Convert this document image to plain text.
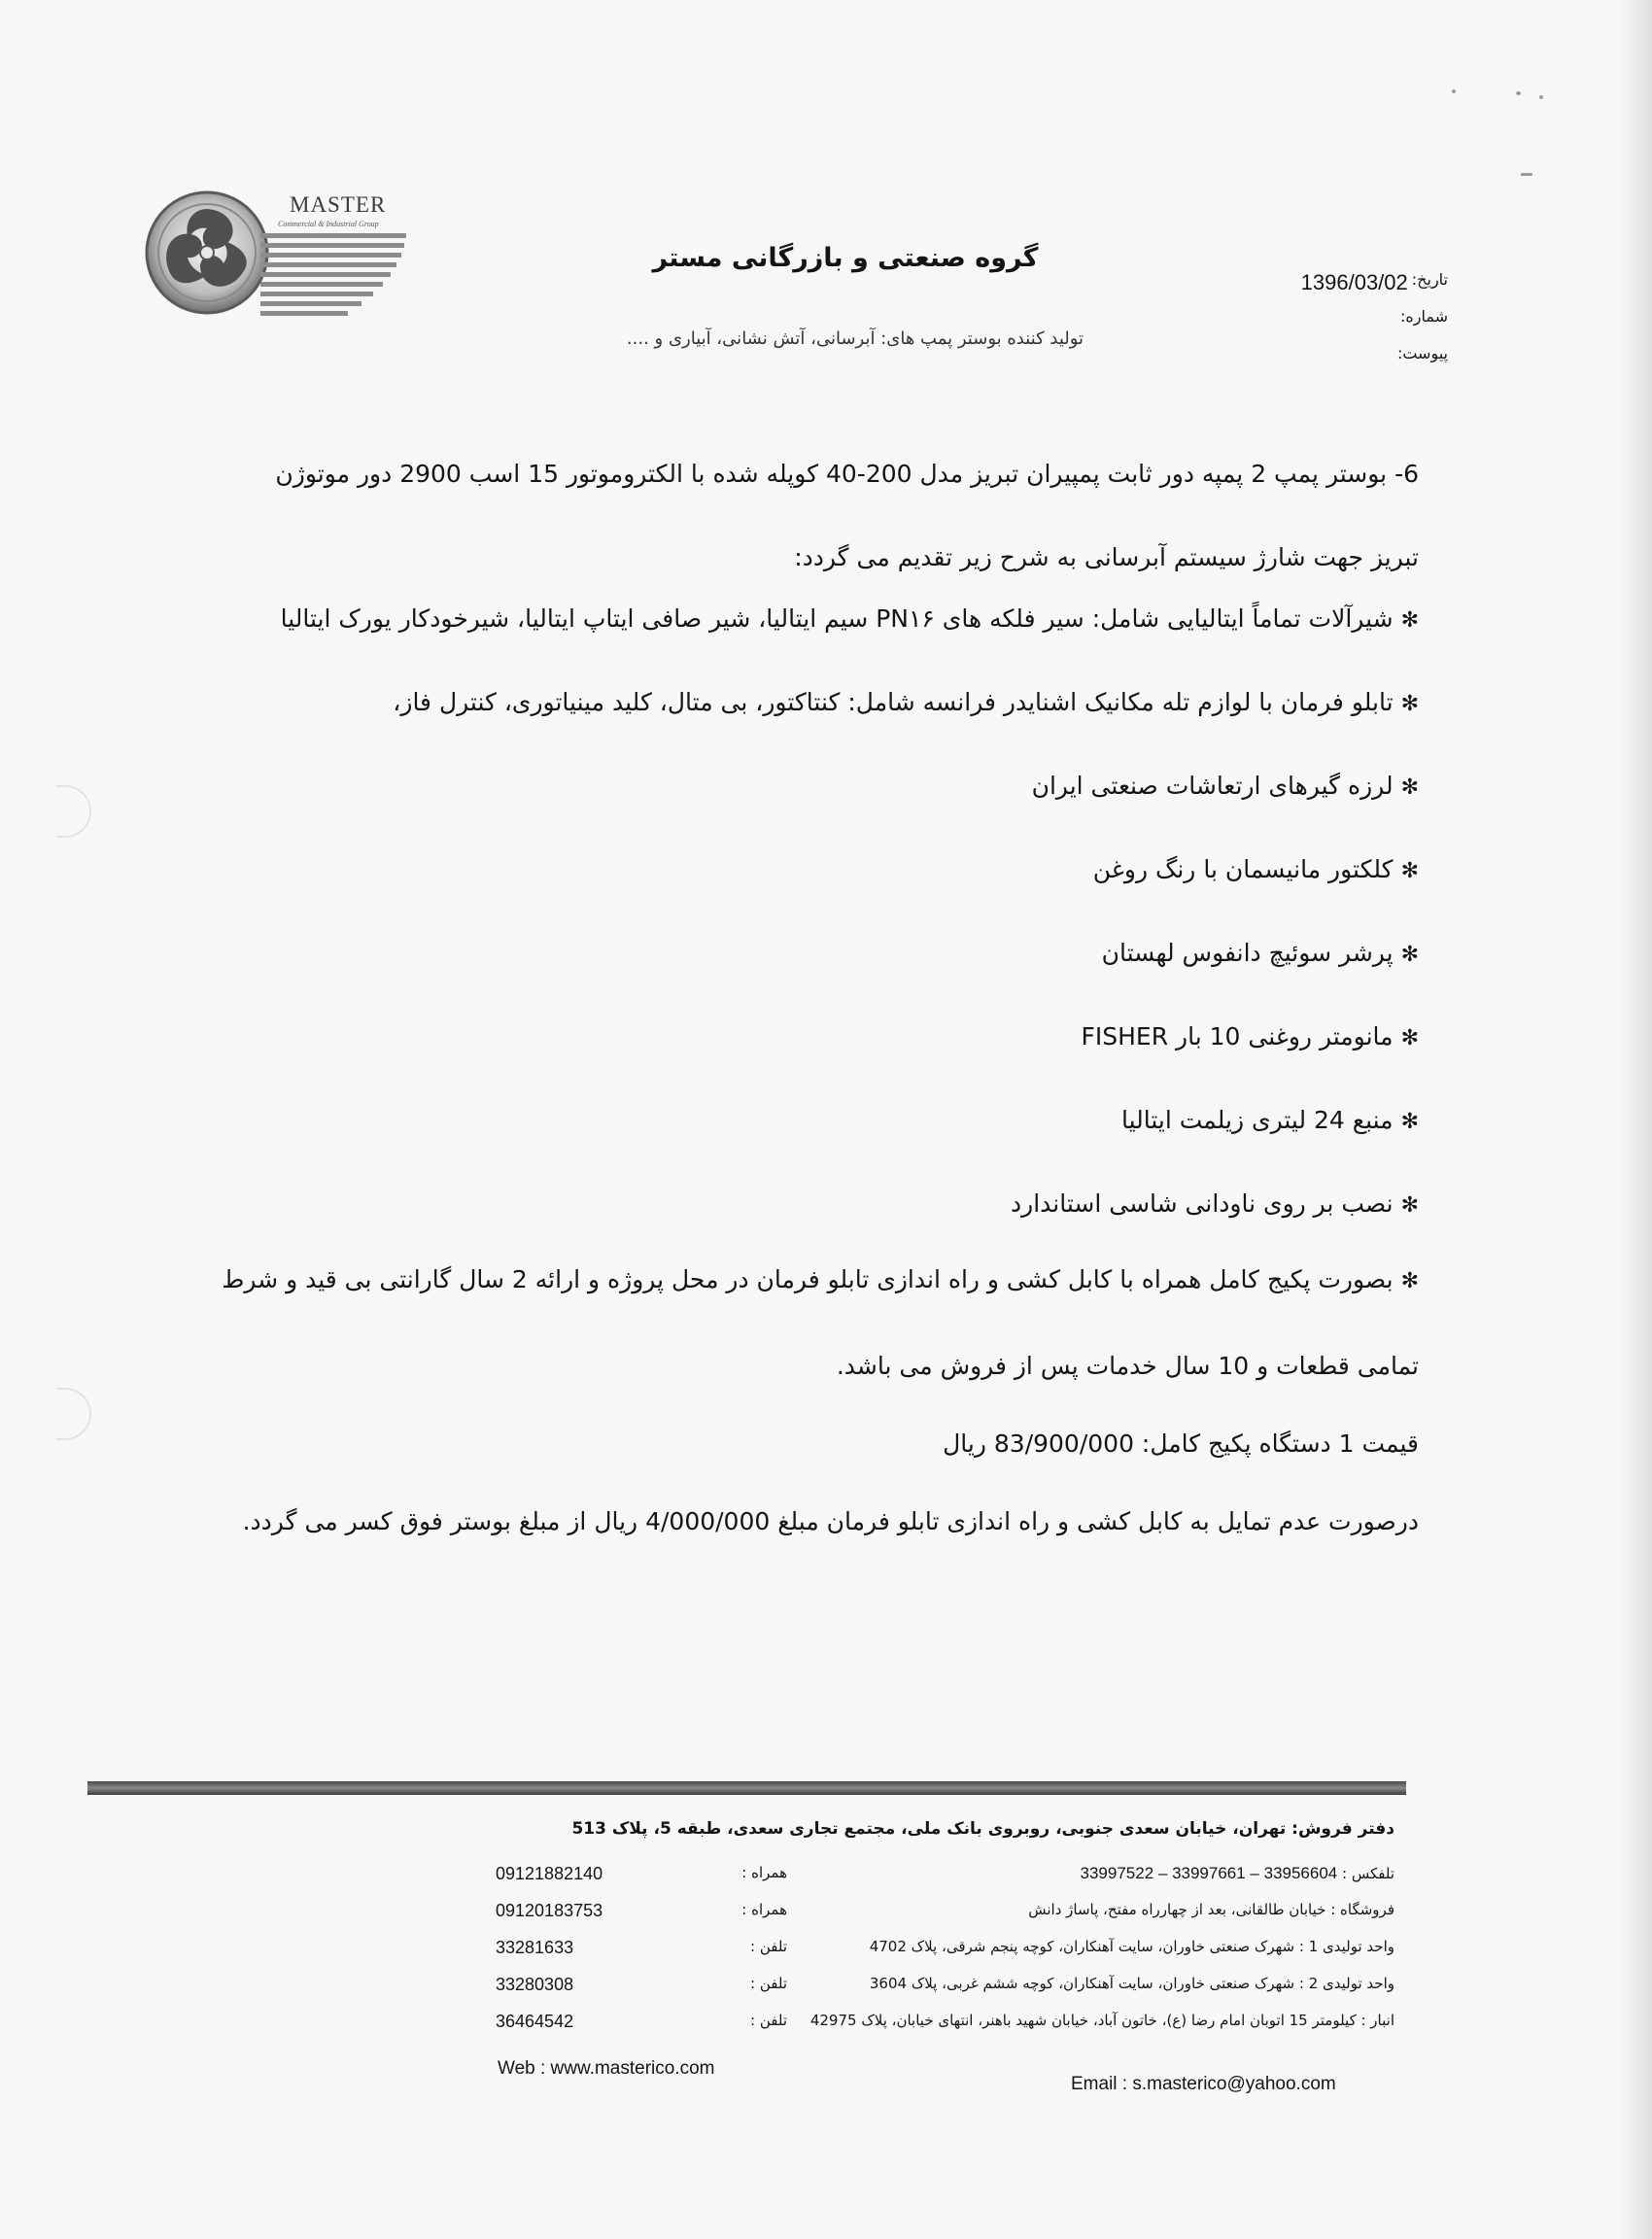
MASTER
Commercial & Industrial Group
گروه صنعتی و بازرگانی مستر
تولید کننده بوستر پمپ های: آبرسانی، آتش نشانی، آبیاری و ....
تاریخ:
1396/03/02
شماره:
پیوست:
6- بوستر پمپ 2 پمپه دور ثابت پمپیران تبریز مدل 200-40 کوپله شده با الکتروموتور 15 اسب 2900 دور موتوژن
تبریز جهت شارژ سیستم آبرسانی به شرح زیر تقدیم می گردد:
✻شیرآلات تماماً ایتالیایی شامل: سیر فلکه های PN۱۶ سیم ایتالیا، شیر صافی ایتاپ ایتالیا، شیرخودکار یورک ایتالیا
✻تابلو فرمان با لوازم تله مکانیک اشنایدر فرانسه شامل: کنتاکتور، بی متال، کلید مینیاتوری، کنترل فاز،
✻لرزه گیرهای ارتعاشات صنعتی ایران
✻کلکتور مانیسمان با رنگ روغن
✻پرشر سوئیچ دانفوس لهستان
✻مانومتر روغنی 10 بار FISHER
✻منبع 24 لیتری زیلمت ایتالیا
✻نصب بر روی ناودانی شاسی استاندارد
✻بصورت پکیج کامل همراه با کابل کشی و راه اندازی تابلو فرمان در محل پروژه و ارائه 2 سال گارانتی بی قید و شرط
تمامی قطعات و 10 سال خدمات پس از فروش می باشد.
قیمت 1 دستگاه پکیج کامل: 83/900/000 ریال
درصورت عدم تمایل به کابل کشی و راه اندازی تابلو فرمان مبلغ 4/000/000 ریال از مبلغ بوستر فوق کسر می گردد.
دفتر فروش: تهران، خیابان سعدی جنوبی، روبروی بانک ملی، مجتمع تجاری سعدی، طبقه 5، پلاک 513
تلفکس : 33956604 – 33997661 – 33997522
فروشگاه : خیابان طالقانی، بعد از چهارراه مفتح، پاساژ دانش
واحد تولیدی 1 : شهرک صنعتی خاوران، سایت آهنکاران، کوچه پنجم شرقی، پلاک 4702
واحد تولیدی 2 : شهرک صنعتی خاوران، سایت آهنکاران، کوچه ششم غربی، پلاک 3604
انبار : کیلومتر 15 اتوبان امام رضا (ع)، خاتون آباد، خیابان شهید باهنر، انتهای خیابان، پلاک 42975
همراه :
09121882140
همراه :
09120183753
تلفن :
33281633
تلفن :
33280308
تلفن :
36464542
Web : www.masterico.com
Email : s.masterico@yahoo.com
